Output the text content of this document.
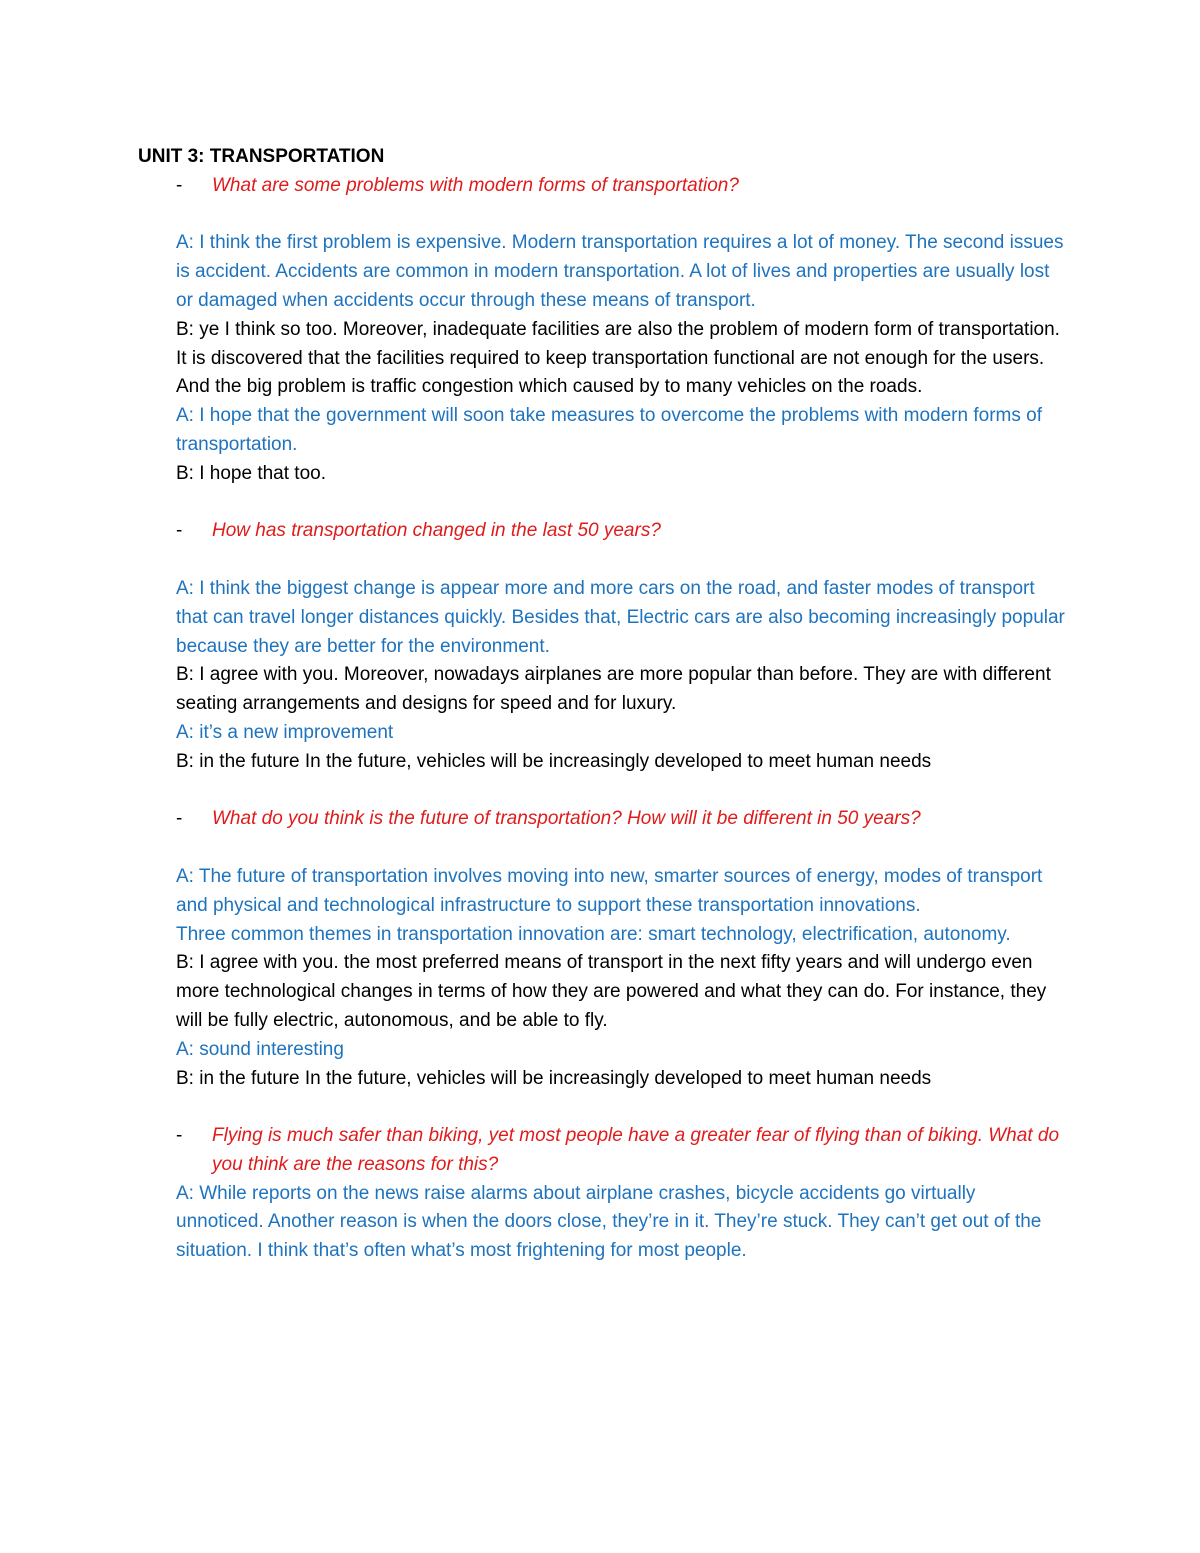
UNIT 3: TRANSPORTATION

- What are some problems with modern forms of transportation?

A: I think the first problem is expensive. Modern transportation requires a lot of money. The second issues is accident. Accidents are common in modern transportation. A lot of lives and properties are usually lost or damaged when accidents occur through these means of transport.

B: ye I think so too. Moreover, inadequate facilities are also the problem of modern form of transportation. It is discovered that the facilities required to keep transportation functional are not enough for the users. And the big problem is traffic congestion which caused by to many vehicles on the roads.

A: I hope that the government will soon take measures to overcome the problems with modern forms of transportation.

B: I hope that too.

- How has transportation changed in the last 50 years?

A: I think the biggest change is appear more and more cars on the road, and faster modes of transport that can travel longer distances quickly. Besides that, Electric cars are also becoming increasingly popular because they are better for the environment.

B: I agree with you. Moreover, nowadays airplanes are more popular than before. They are with different seating arrangements and designs for speed and for luxury.

A: it’s a new improvement

B: in the future In the future, vehicles will be increasingly developed to meet human needs

- What do you think is the future of transportation? How will it be different in 50 years?

A: The future of transportation involves moving into new, smarter sources of energy, modes of transport and physical and technological infrastructure to support these transportation innovations.

Three common themes in transportation innovation are: smart technology, electrification, autonomy.

B: I agree with you. the most preferred means of transport in the next fifty years and will undergo even more technological changes in terms of how they are powered and what they can do. For instance, they will be fully electric, autonomous, and be able to fly.

A: sound interesting

B: in the future In the future, vehicles will be increasingly developed to meet human needs

- Flying is much safer than biking, yet most people have a greater fear of flying than of biking. What do you think are the reasons for this?

A: While reports on the news raise alarms about airplane crashes, bicycle accidents go virtually unnoticed. Another reason is when the doors close, they’re in it. They’re stuck. They can’t get out of the situation. I think that’s often what’s most frightening for most people.
